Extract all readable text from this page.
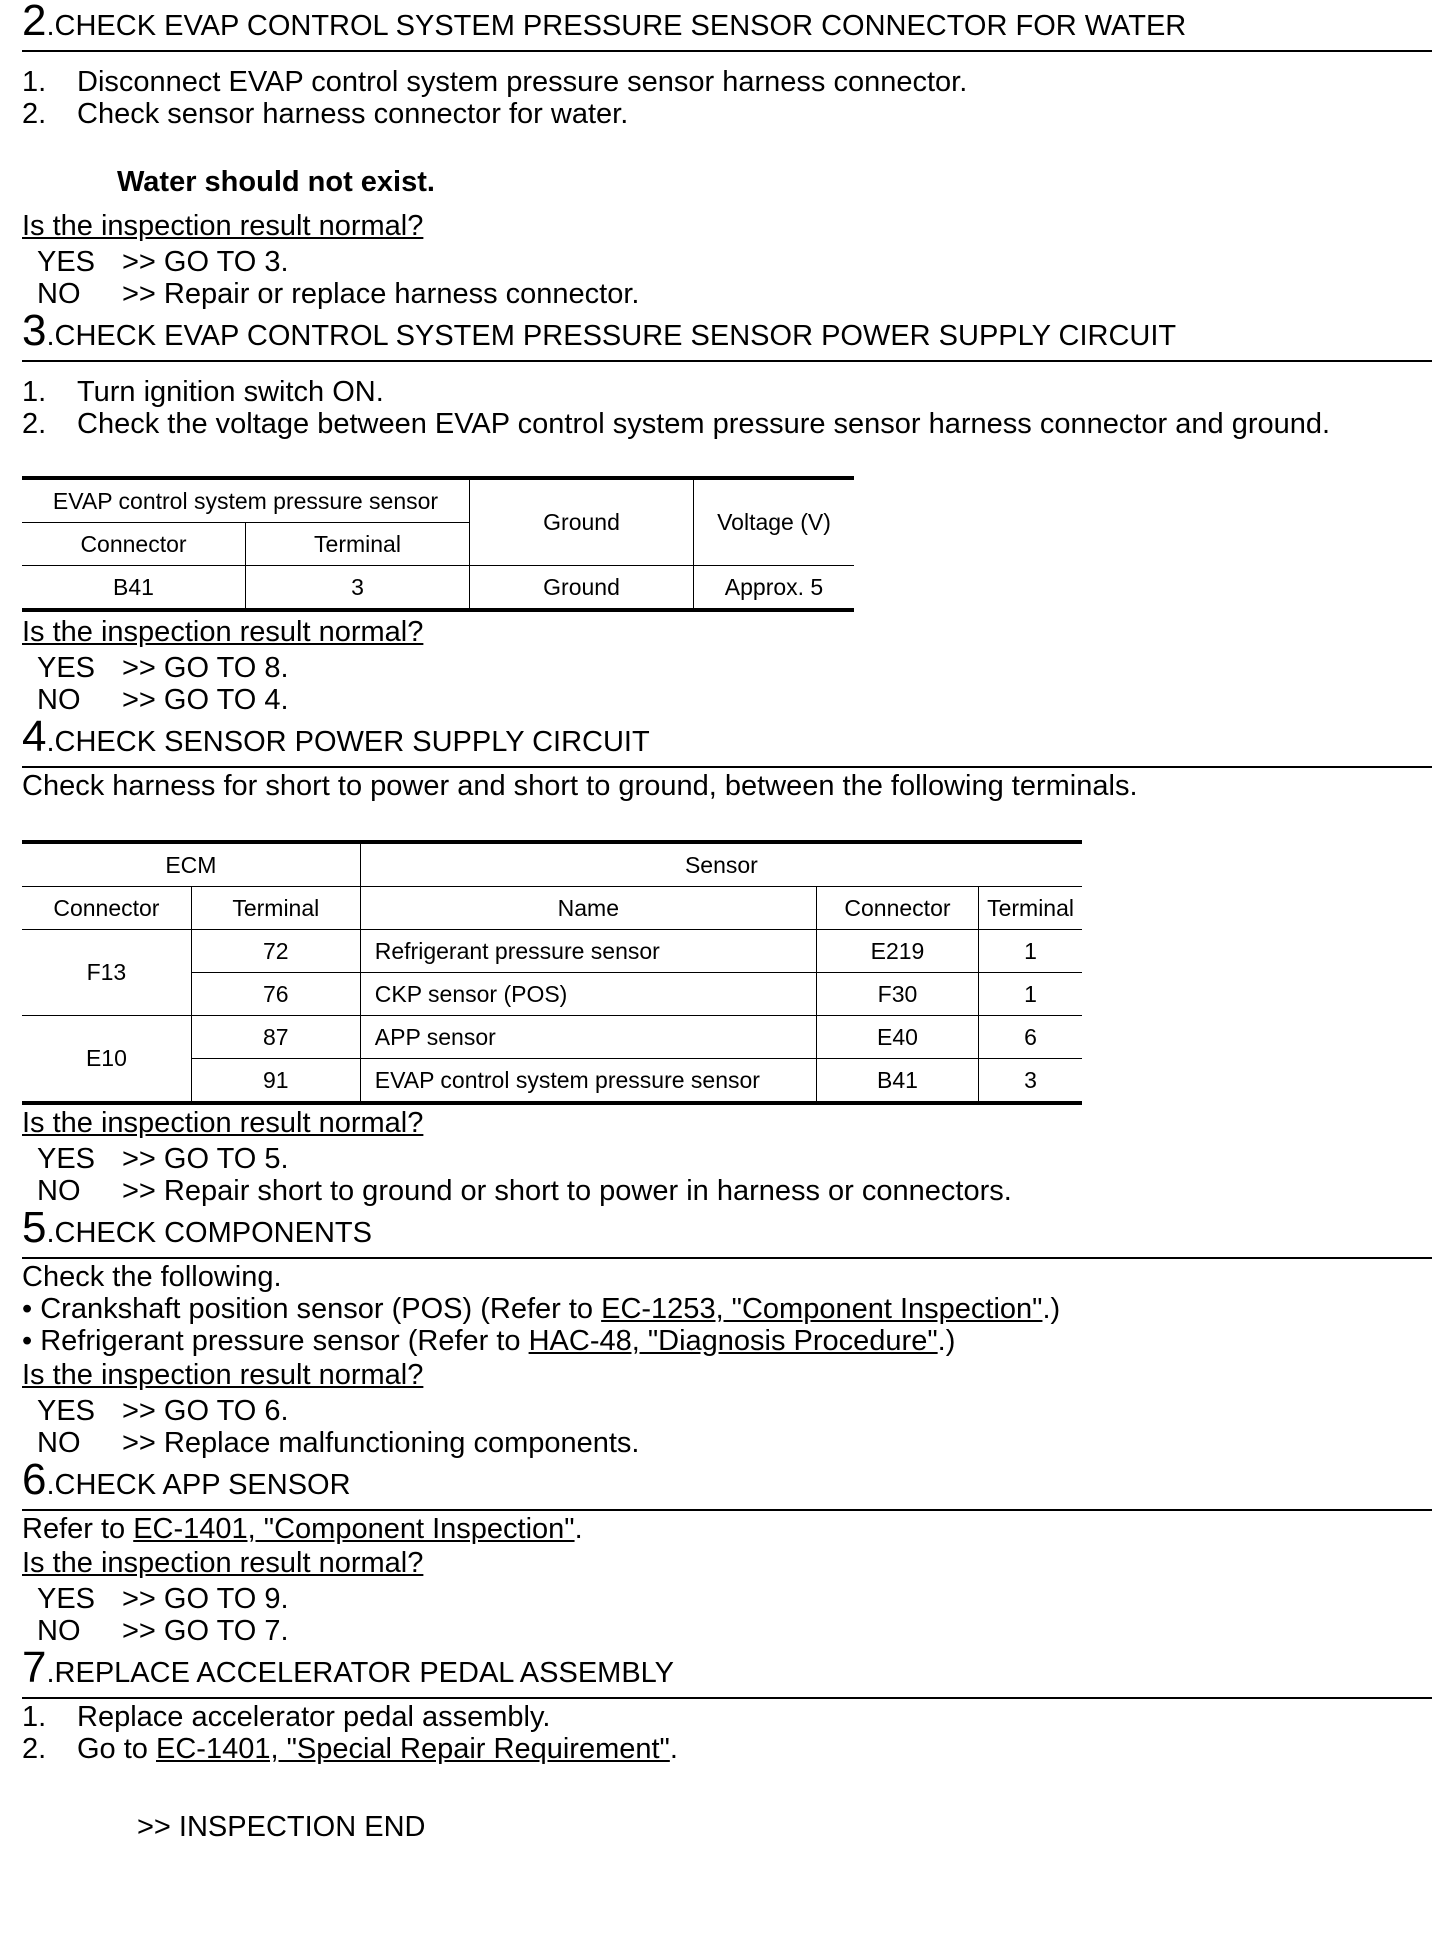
2 . CHECK EVAP CONTROL SYSTEM PRESSURE SENSOR CONNECTOR FOR WATER
1.	Disconnect EVAP control system pressure sensor harness connector.
2.	Check sensor harness connector for water.
Water should not exist.
Is the inspection result normal?
YES >> GO TO 3.
NO	>> Repair or replace harness connector.
3 . CHECK EVAP CONTROL SYSTEM PRESSURE SENSOR POWER SUPPLY CIRCUIT
1.	Turn ignition switch ON.
2.	Check the voltage between EVAP control system pressure sensor harness connector and ground.
EVAP control system pressure sensor		Ground	Voltage (V)
Connector	Terminal		
B41	3	Ground	Approx. 5
Is the inspection result normal?
YES >> GO TO 8.
NO	>> GO TO 4.
4 . CHECK SENSOR POWER SUPPLY CIRCUIT
Check harness for short to power and short to ground, between the following terminals.
ECM		Sensor		
Connector	Terminal	Name	Connector	Terminal
F13	72	Refrigerant pressure sensor	E219	1
	76	CKP sensor (POS)	F30	1
E10	87	APP sensor	E40	6
	91	EVAP control system pressure sensor	B41	3
Is the inspection result normal?
YES >> GO TO 5.
NO	>> Repair short to ground or short to power in harness or connectors.
5 . CHECK COMPONENTS
Check the following.
• Crankshaft position sensor (POS) (Refer to EC-1253, "Component Inspection".)
• Refrigerant pressure sensor (Refer to HAC-48, "Diagnosis Procedure".)
Is the inspection result normal?
YES >> GO TO 6.
NO	>> Replace malfunctioning components.
6 . CHECK APP SENSOR
Refer to EC-1401, "Component Inspection".
Is the inspection result normal?
YES >> GO TO 9.
NO	>> GO TO 7.
7 . REPLACE ACCELERATOR PEDAL ASSEMBLY
1.	Replace accelerator pedal assembly.
2.	Go to EC-1401, "Special Repair Requirement".
>> INSPECTION END
